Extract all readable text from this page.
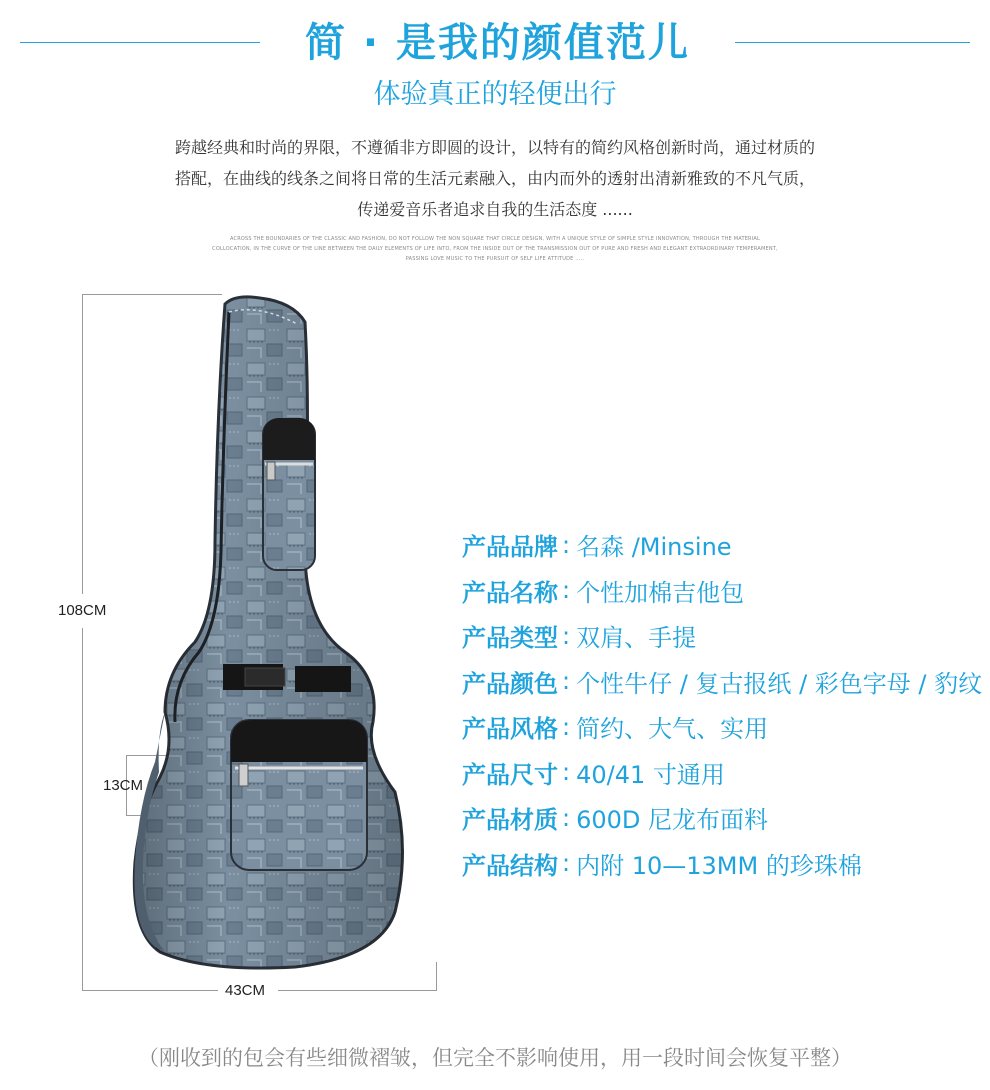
简 · 是我的颜值范儿
体验真正的轻便出行
跨越经典和时尚的界限，不遵循非方即圆的设计，以特有的简约风格创新时尚，通过材质的
搭配，在曲线的线条之间将日常的生活元素融入，由内而外的透射出清新雅致的不凡气质，
传递爱音乐者追求自我的生活态度 ......
ACROSS THE BOUNDARIES OF THE CLASSIC AND FASHION, DO NOT FOLLOW THE NON SQUARE THAT CIRCLE DESIGN, WITH A UNIQUE STYLE OF SIMPLE STYLE INNOVATION, THROUGH THE MATERIAL
COLLOCATION, IN THE CURVE OF THE LINE BETWEEN THE DAILY ELEMENTS OF LIFE INTO, FROM THE INSIDE OUT OF THE TRANSMISSION OUT OF PURE AND FRESH AND ELEGANT EXTRAORDINARY TEMPERAMENT,
PASSING LOVE MUSIC TO THE PURSUIT OF SELF LIFE ATTITUDE .....
108CM
13CM
43CM
产品品牌 : 名森 /Minsine
产品名称 : 个性加棉吉他包
产品类型 : 双肩、手提
产品颜色 : 个性牛仔 / 复古报纸 / 彩色字母 / 豹纹
产品风格 : 简约、大气、实用
产品尺寸 : 40/41 寸通用
产品材质 : 600D 尼龙布面料
产品结构 : 内附 10—13MM 的珍珠棉
（刚收到的包会有些细微褶皱，但完全不影响使用，用一段时间会恢复平整）
